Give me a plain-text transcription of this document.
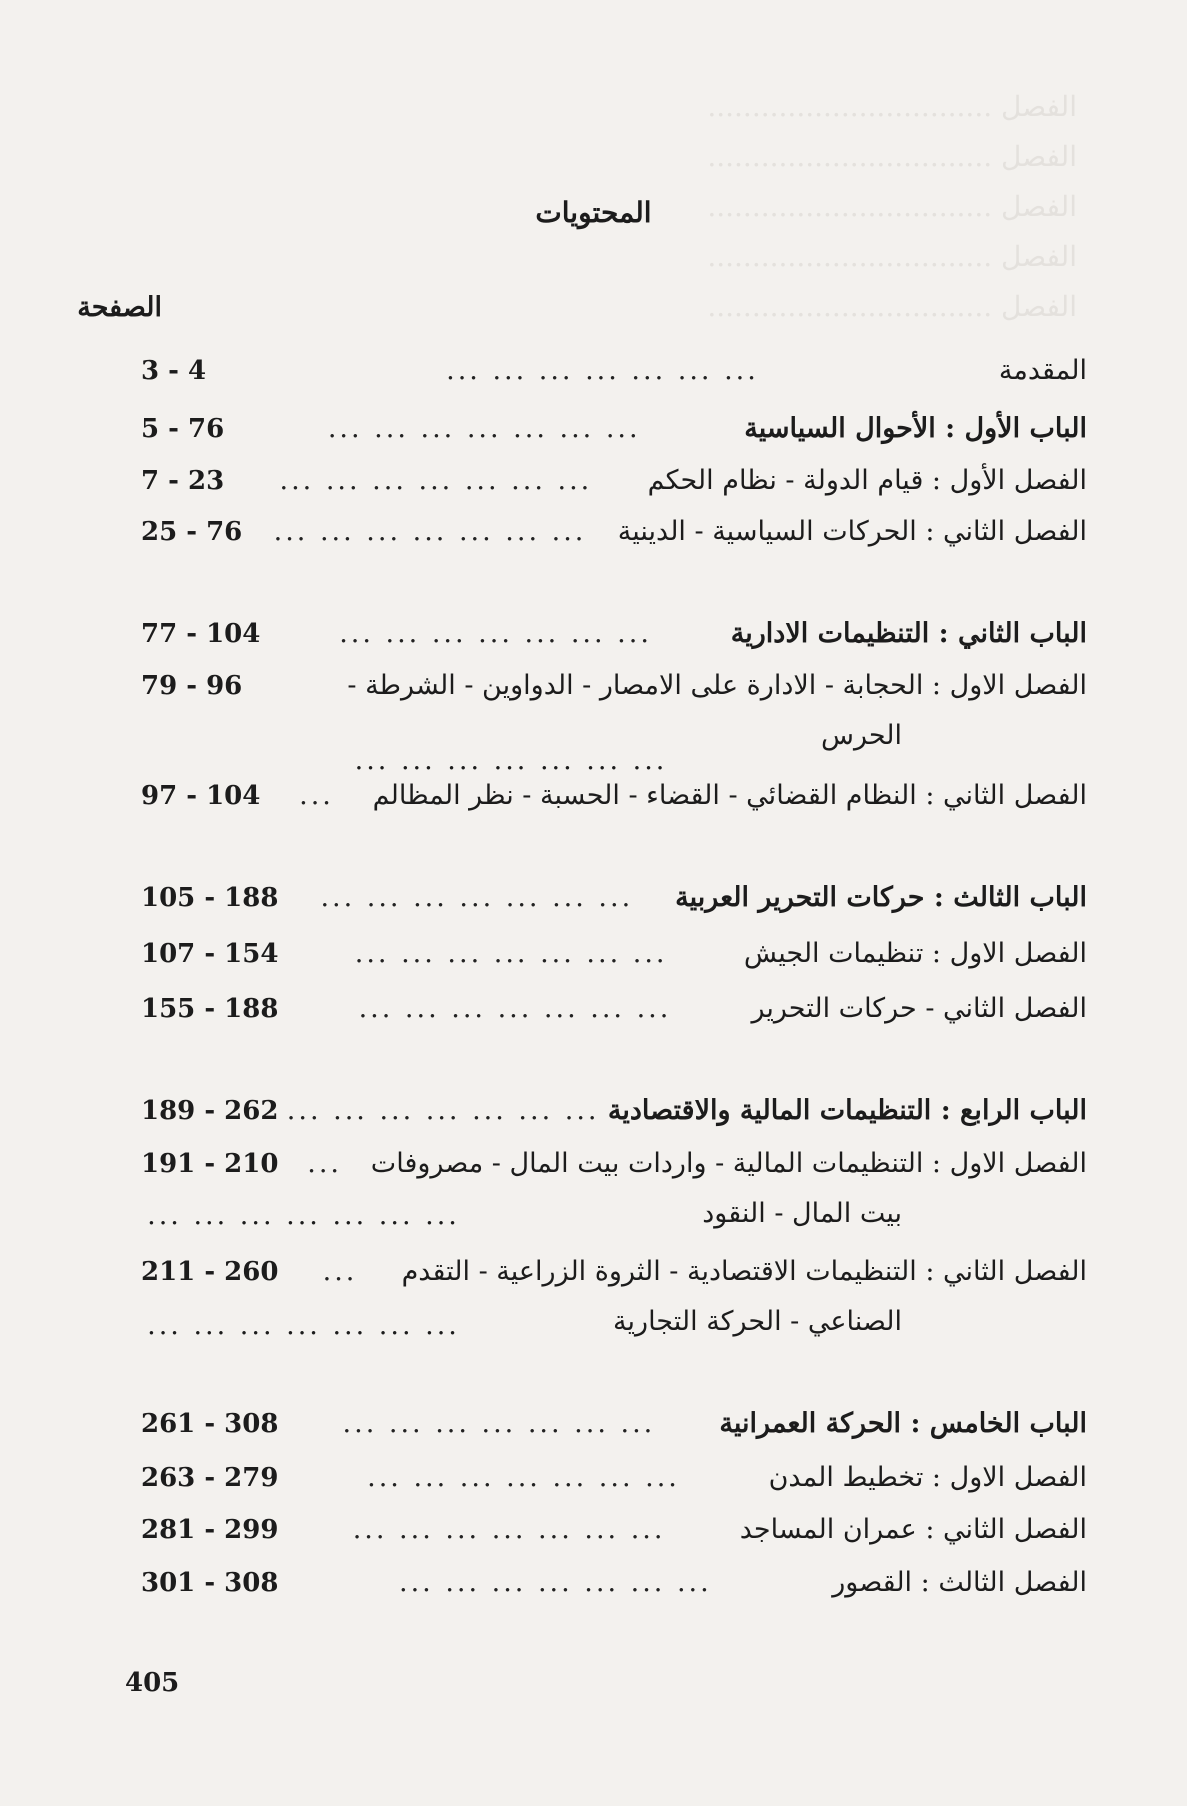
الفصل ................................
الفصل ................................
الفصل ................................
الفصل ................................
الفصل ................................
المحتويات
الصفحة
المقدمة
... ... ... ... ... ... ...
3 - 4
الباب الأول : الأحوال السياسية
... ... ... ... ... ... ...
5 - 76
الفصل الأول : قيام الدولة - نظام الحكم
... ... ... ... ... ... ...
7 - 23
الفصل الثاني : الحركات السياسية - الدينية
... ... ... ... ... ... ...
25 - 76
الباب الثاني : التنظيمات الادارية
... ... ... ... ... ... ...
77 - 104
الفصل الاول : الحجابة - الادارة على الامصار - الدواوين - الشرطة -
79 - 96
الحرس
... ... ... ... ... ... ...
الفصل الثاني : النظام القضائي - القضاء - الحسبة - نظر المظالم
...
97 - 104
الباب الثالث : حركات التحرير العربية
... ... ... ... ... ... ...
105 - 188
الفصل الاول : تنظيمات الجيش
... ... ... ... ... ... ...
107 - 154
الفصل الثاني - حركات التحرير
... ... ... ... ... ... ...
155 - 188
الباب الرابع : التنظيمات المالية والاقتصادية
... ... ... ... ... ... ...
189 - 262
الفصل الاول : التنظيمات المالية - واردات بيت المال - مصروفات
...
191 - 210
بيت المال - النقود
... ... ... ... ... ... ...
الفصل الثاني : التنظيمات الاقتصادية - الثروة الزراعية - التقدم
...
211 - 260
الصناعي - الحركة التجارية
... ... ... ... ... ... ...
الباب الخامس : الحركة العمرانية
... ... ... ... ... ... ...
261 - 308
الفصل الاول : تخطيط المدن
... ... ... ... ... ... ...
263 - 279
الفصل الثاني : عمران المساجد
... ... ... ... ... ... ...
281 - 299
الفصل الثالث : القصور
... ... ... ... ... ... ...
301 - 308
405
